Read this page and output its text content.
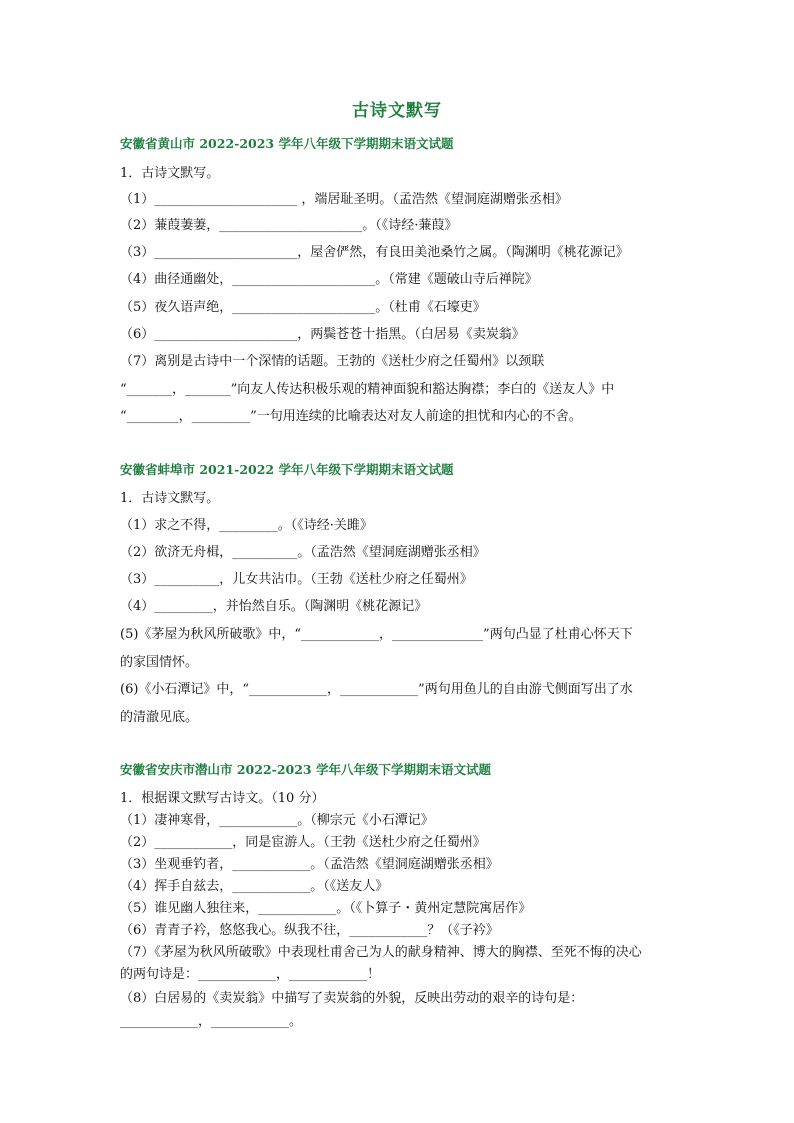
古诗文默写
安徽省黄山市 2022-2023 学年八年级下学期期末语文试题
1．古诗文默写。
（1）______________________ ，端居耻圣明。（孟浩然《望洞庭湖赠张丞相》
（2）蒹葭萋萋，______________________。（《诗经·蒹葭》
（3）______________________，屋舍俨然，有良田美池桑竹之属。（陶渊明《桃花源记》
（4）曲径通幽处，______________________。（常建《题破山寺后禅院》
（5）夜久语声绝，______________________。（杜甫《石壕吏》
（6）______________________，两鬓苍苍十指黑。（白居易《卖炭翁》
（7）离别是古诗中一个深情的话题。王勃的《送杜少府之任蜀州》以颈联
“_______，_______”向友人传达积极乐观的精神面貌和豁达胸襟；李白的《送友人》中
“________，_________”一句用连续的比喻表达对友人前途的担忧和内心的不舍。
安徽省蚌埠市 2021-2022 学年八年级下学期期末语文试题
1．古诗文默写。
（1）求之不得，_________。（《诗经·关雎》
（2）欲济无舟楫，__________。（孟浩然《望洞庭湖赠张丞相》
（3）__________，儿女共沾巾。（王勃《送杜少府之任蜀州》
（4）_________，并怡然自乐。（陶渊明《桃花源记》
(5)《茅屋为秋风所破歌》中，“____________，______________”两句凸显了杜甫心怀天下
的家国情怀。
(6)《小石潭记》中，“____________，____________”两句用鱼儿的自由游弋侧面写出了水
的清澈见底。
安徽省安庆市潜山市 2022-2023 学年八年级下学期期末语文试题
1．根据课文默写古诗文。（10 分）
（1）凄神寒骨，____________。（柳宗元《小石潭记》
（2）____________，同是宦游人。（王勃《送杜少府之任蜀州》
（3）坐观垂钓者，____________。（孟浩然《望洞庭湖赠张丞相》
（4）挥手自兹去，____________。（《送友人》
（5）谁见幽人独往来，____________。（《卜算子・黄州定慧院寓居作》
（6）青青子衿，悠悠我心。纵我不往，____________？（《子衿》
（7）《茅屋为秋风所破歌》中表现杜甫舍己为人的献身精神、博大的胸襟、至死不悔的决心
的两句诗是：____________，____________！
（8）白居易的《卖炭翁》中描写了卖炭翁的外貌，反映出劳动的艰辛的诗句是：
____________，____________。
